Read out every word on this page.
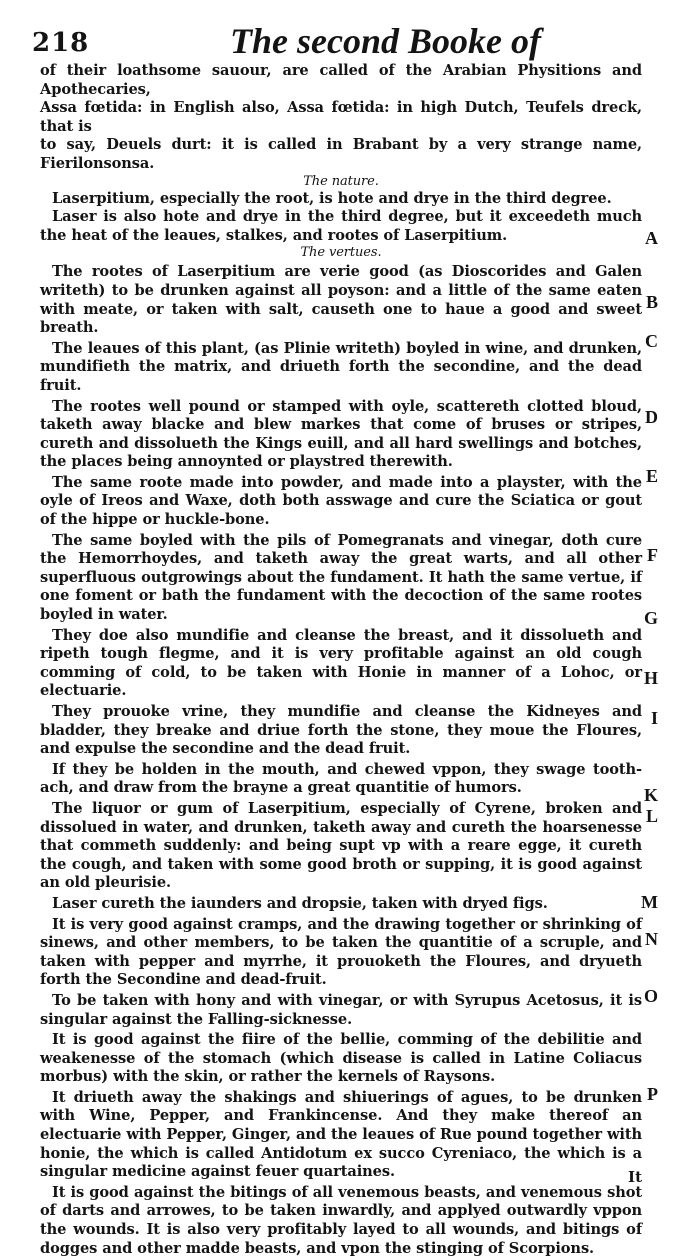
218	The second Booke of

of their loathsome sauour, are called of the Arabian Physitions and Apothecaries,

Assa fœtida: in English also, Assa fœtida: in high Dutch, Teufels dreck, that is

to say, Deuels durt: it is called in Brabant by a very strange name, Fierilonsonsa.

The nature.

Laserpitium, especially the root, is hote and drye in the third degree.

Laser is also hote and drye in the third degree, but it exceedeth much the heat of the leaues, stalkes, and rootes of Laserpitium.

The vertues.

The rootes of Laserpitium are verie good (as Dioscorides and Galen writeth) to be drunken against all poyson: and a little of the same eaten with meate, or taken with salt, causeth one to haue a good and sweet breath.

The leaues of this plant, (as Plinie writeth) boyled in wine, and drunken, mundifieth the matrix, and driueth forth the secondine, and the dead fruit.

The rootes well pound or stamped with oyle, scattereth clotted bloud, taketh away blacke and blew markes that come of bruses or stripes, cureth and dissolueth the Kings euill, and all hard swellings and botches, the places being annoynted or playstred therewith.

The same roote made into powder, and made into a playster, with the oyle of Ireos and Waxe, doth both asswage and cure the Sciatica or gout of the hippe or huckle-bone.

The same boyled with the pils of Pomegranats and vinegar, doth cure the Hemorrhoydes, and taketh away the great warts, and all other superfluous outgrowings about the fundament. It hath the same vertue, if one foment or bath the fundament with the decoction of the same rootes boyled in water.

They doe also mundifie and cleanse the breast, and it dissolueth and ripeth tough flegme, and it is very profitable against an old cough comming of cold, to be taken with Honie in manner of a Lohoc, or electuarie.

They prouoke vrine, they mundifie and cleanse the Kidneyes and bladder, they breake and driue forth the stone, they moue the Floures, and expulse the secondine and the dead fruit.

If they be holden in the mouth, and chewed vppon, they swage tooth-ach, and draw from the brayne a great quantitie of humors.

The liquor or gum of Laserpitium, especially of Cyrene, broken and dissolued in water, and drunken, taketh away and cureth the hoarsenesse that commeth suddenly: and being supt vp with a reare egge, it cureth the cough, and taken with some good broth or supping, it is good against an old pleurisie.

Laser cureth the iaunders and dropsie, taken with dryed figs.

It is very good against cramps, and the drawing together or shrinking of sinews, and other members, to be taken the quantitie of a scruple, and taken with pepper and myrrhe, it prouoketh the Floures, and dryueth forth the Secondine and dead-fruit.

To be taken with hony and with vinegar, or with Syrupus Acetosus, it is singular against the Falling-sicknesse.

It is good against the fiire of the bellie, comming of the debilitie and weakenesse of the stomach (which disease is called in Latine Coliacus morbus) with the skin, or rather the kernels of Raysons.

It driueth away the shakings and shiuerings of agues, to be drunken with Wine, Pepper, and Frankincense. And they make thereof an electuarie with Pepper, Ginger, and the leaues of Rue pound together with honie, the which is called Antidotum ex succo Cyreniaco, the which is a singular medicine against feuer quartaines.

It is good against the bitings of all venemous beasts, and venemous shot of darts and arrowes, to be taken inwardly, and applyed outwardly vppon the wounds. It is also very profitably layed to all wounds, and bitings of dogges and other madde beasts, and vpon the stinging of Scorpions.

A
B
C
D
E
F
G
H
I
K
L
M
N
O
P
It
